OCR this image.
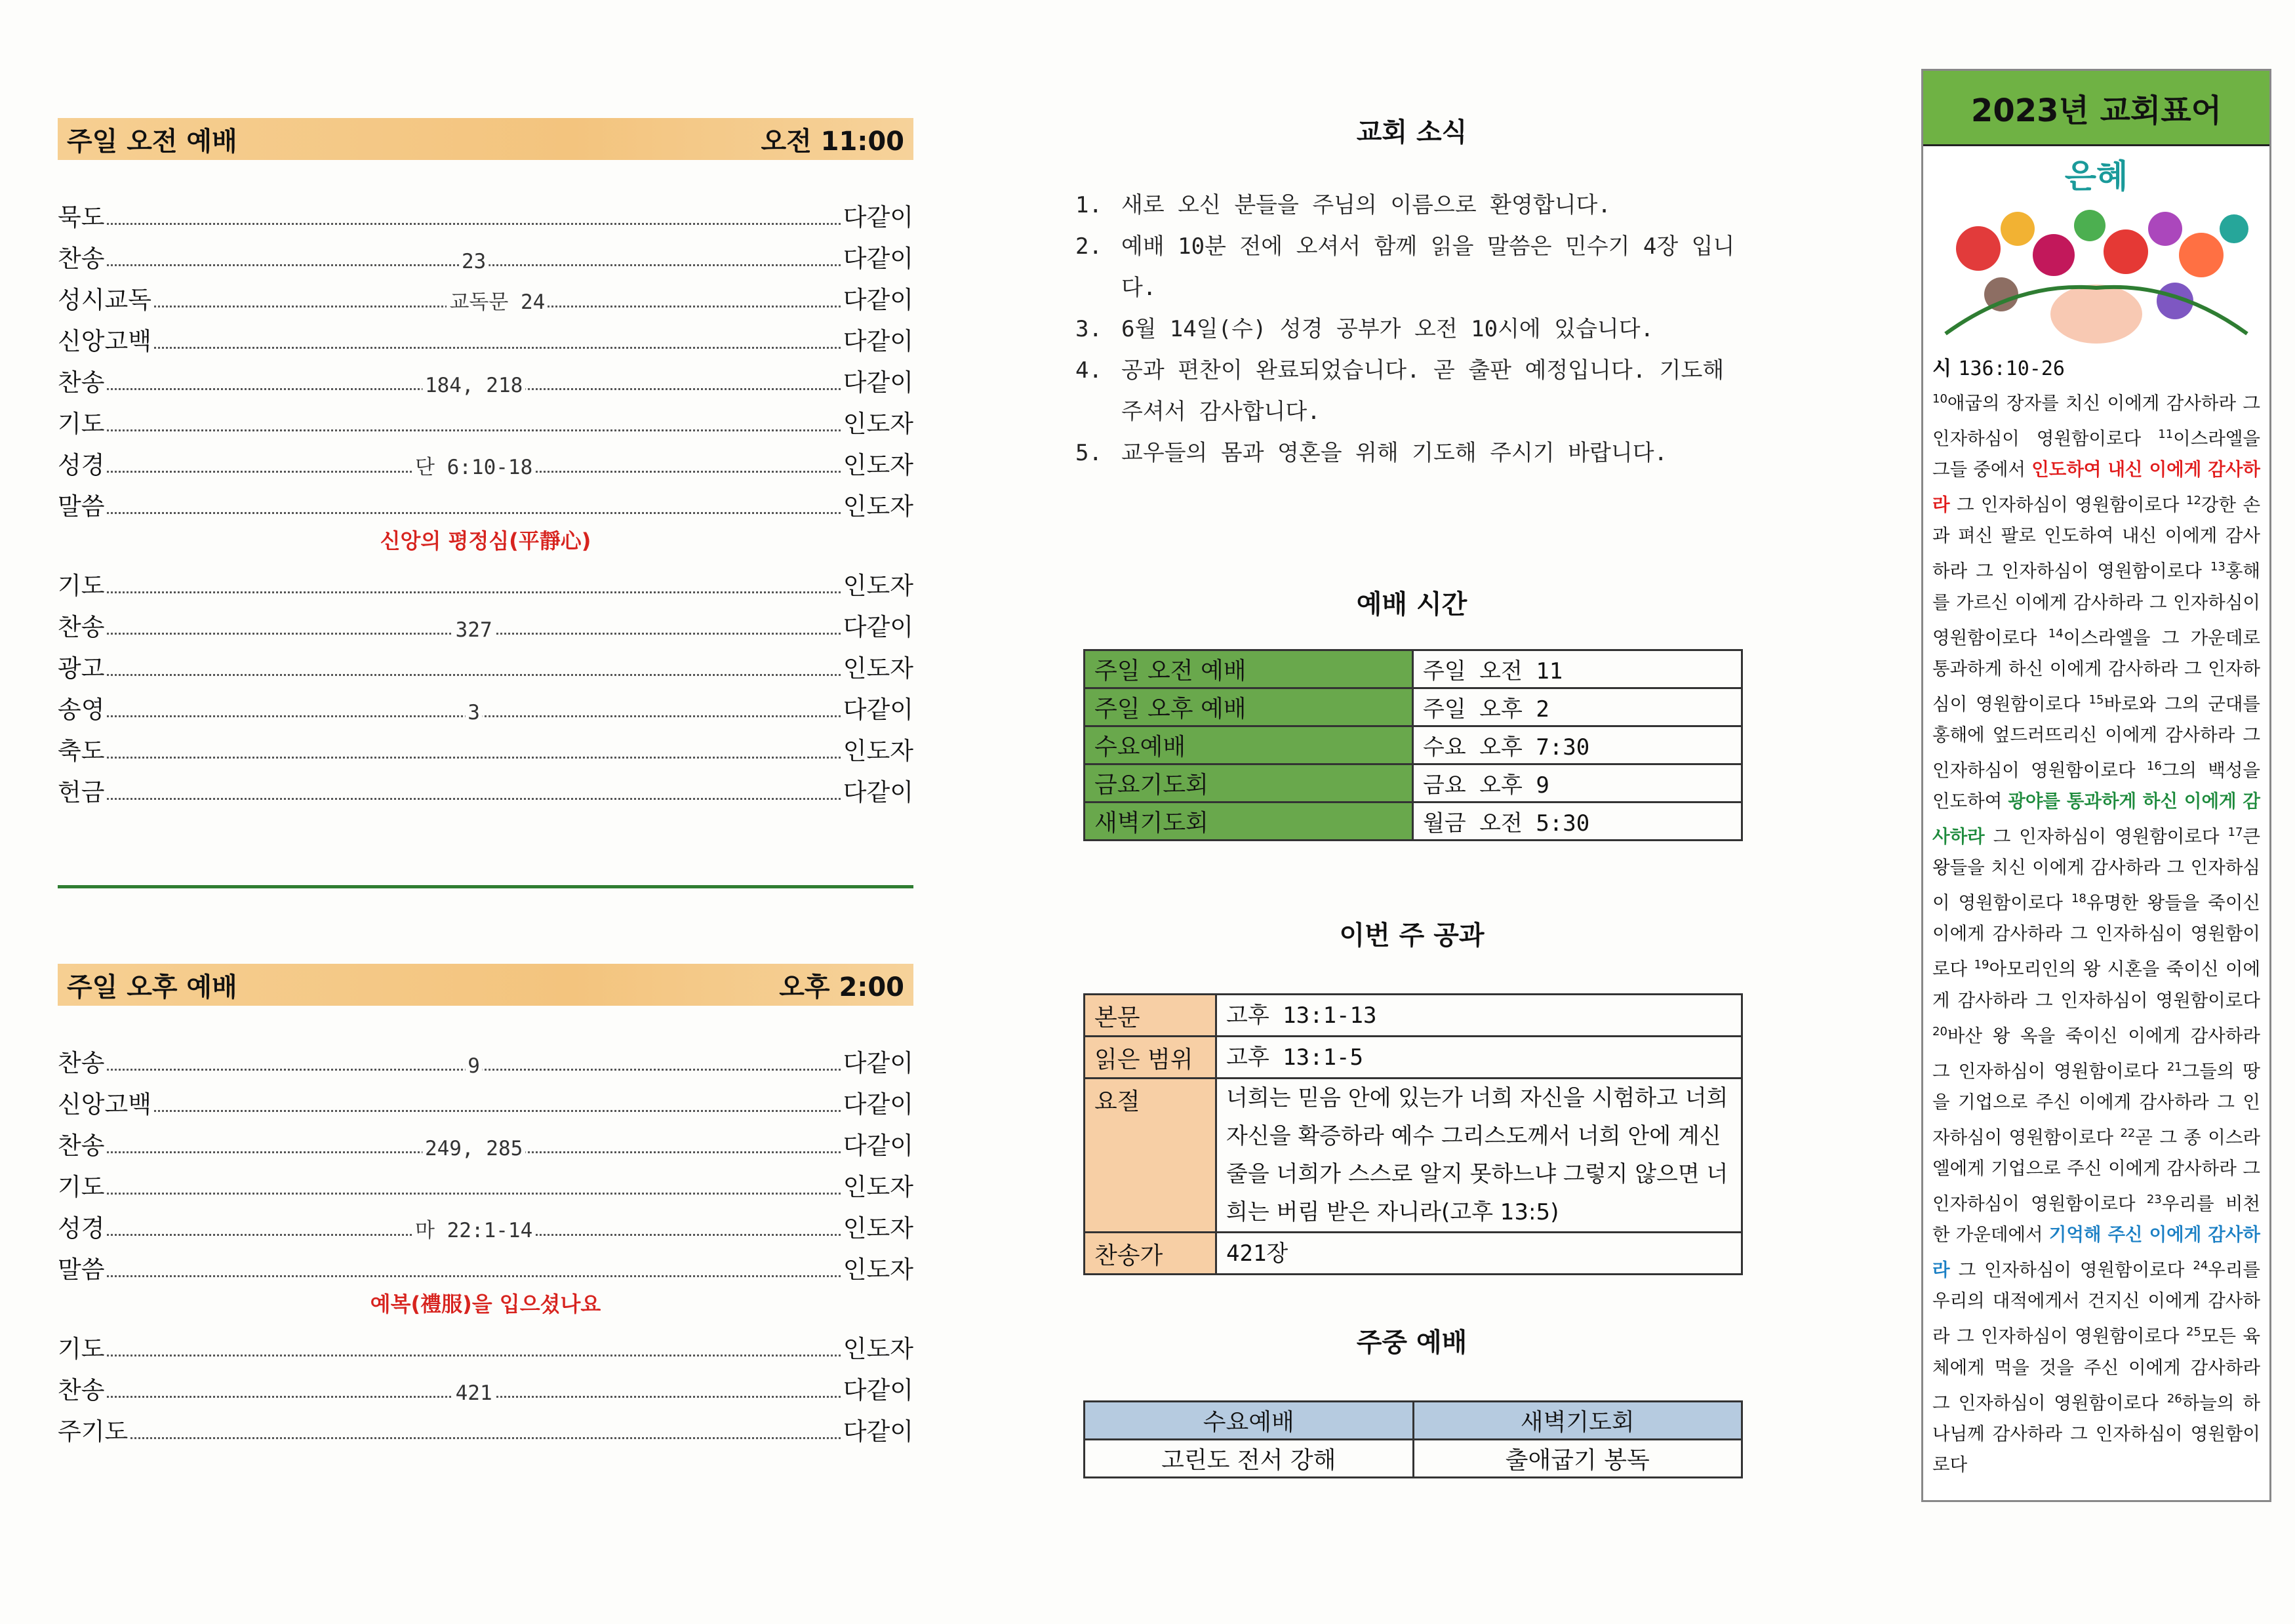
주일 오전 예배	오전 11:00
묵도	다같이
찬송	23	다같이
성시교독	교독문 24	다같이
신앙고백	다같이
찬송	184, 218	다같이
기도	인도자
성경	단 6:10-18	인도자
말씀	인도자
신앙의 평정심(平靜心)
기도	인도자
찬송	327	다같이
광고	인도자
송영	3	다같이
축도	인도자
헌금	다같이
주일 오후 예배	오후 2:00
찬송	9	다같이
신앙고백	다같이
찬송	249, 285	다같이
기도	인도자
성경	마 22:1-14	인도자
말씀	인도자
예복(禮服)을 입으셨나요
기도	인도자
찬송	421	다같이
주기도	다같이
교회 소식
1. 새로 오신 분들을 주님의 이름으로 환영합니다.
2. 예배 10분 전에 오셔서 함께 읽을 말씀은 민수기 4장 입니다.
3. 6월 14일(수) 성경 공부가 오전 10시에 있습니다.
4. 공과 편찬이 완료되었습니다. 곧 출판 예정입니다. 기도해주셔서 감사합니다.
5. 교우들의 몸과 영혼을 위해 기도해 주시기 바랍니다.
예배 시간
주일 오전 예배	주일 오전 11
주일 오후 예배	주일 오후 2
수요예배	수요 오후 7:30
금요기도회	금요 오후 9
새벽기도회	월금 오전 5:30
이번 주 공과
본문	고후 13:1-13
읽은 범위	고후 13:1-5
요절	너희는 믿음 안에 있는가 너희 자신을 시험하고 너희 자신을 확증하라 예수 그리스도께서 너희 안에 계신 줄을 너희가 스스로 알지 못하느냐 그렇지 않으면 너희는 버림 받은 자니라(고후 13:5)
찬송가	421장
주중 예배
수요예배	새벽기도회
고린도 전서 강해	출애굽기 봉독
2023년 교회표어
은혜
시 136:10-26
$^{10}$애굽의 장자를 치신 이에게 감사하라 그 인자하심이 영원함이로다 $^{11}$이스라엘을 그들 중에서 인도하여 내신 이에게 감사하라 그 인자하심이 영원함이로다 $^{12}$강한 손과 펴신 팔로 인도하여 내신 이에게 감사하라 그 인자하심이 영원함이로다 $^{13}$홍해를 가르신 이에게 감사하라 그 인자하심이 영원함이로다 $^{14}$이스라엘을 그 가운데로 통과하게 하신 이에게 감사하라 그 인자하심이 영원함이로다 $^{15}$바로와 그의 군대를 홍해에 엎드러뜨리신 이에게 감사하라 그 인자하심이 영원함이로다 $^{16}$그의 백성을 인도하여 광야를 통과하게 하신 이에게 감사하라 그 인자하심이 영원함이로다 $^{17}$큰 왕들을 치신 이에게 감사하라 그 인자하심이 영원함이로다 $^{18}$유명한 왕들을 죽이신 이에게 감사하라 그 인자하심이 영원함이로다 $^{19}$아모리인의 왕 시혼을 죽이신 이에게 감사하라 그 인자하심이 영원함이로다 $^{20}$바산 왕 옥을 죽이신 이에게 감사하라 그 인자하심이 영원함이로다 $^{21}$그들의 땅을 기업으로 주신 이에게 감사하라 그 인자하심이 영원함이로다 $^{22}$곧 그 종 이스라엘에게 기업으로 주신 이에게 감사하라 그 인자하심이 영원함이로다 $^{23}$우리를 비천한 가운데에서 기억해 주신 이에게 감사하라 그 인자하심이 영원함이로다 $^{24}$우리를 우리의 대적에게서 건지신 이에게 감사하라 그 인자하심이 영원함이로다 $^{25}$모든 육체에게 먹을 것을 주신 이에게 감사하라 그 인자하심이 영원함이로다 $^{26}$하늘의 하나님께 감사하라 그 인자하심이 영원함이로다
